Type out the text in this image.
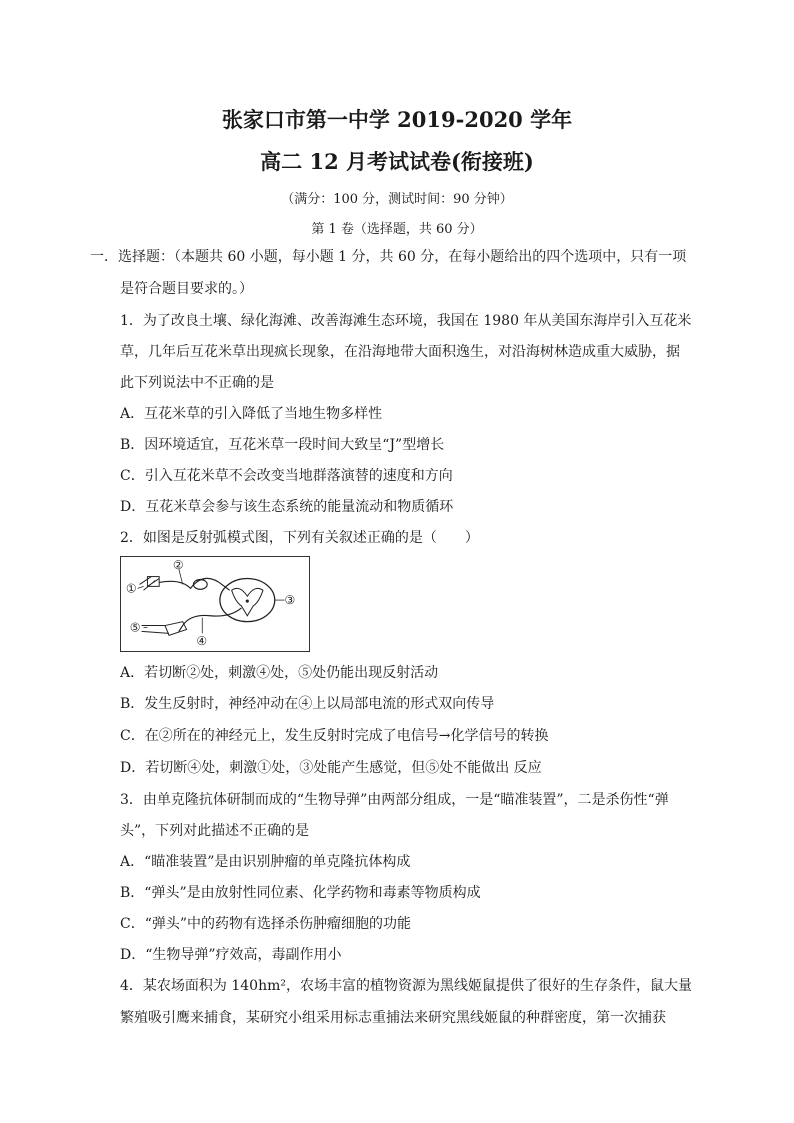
张家口市第一中学 2019-2020 学年
高二 12 月考试试卷(衔接班)
（满分：100 分，测试时间：90 分钟）
第 1 卷（选择题，共 60 分）
一．选择题：（本题共 60 小题，每小题 1 分，共 60 分，在每小题给出的四个选项中，只有一项
是符合题目要求的。）
1．为了改良土壤、绿化海滩、改善海滩生态环境，我国在 1980 年从美国东海岸引入互花米
草，几年后互花米草出现疯长现象，在沿海地带大面积逸生，对沿海树林造成重大威胁，据
此下列说法中不正确的是
A．互花米草的引入降低了当地生物多样性
B．因环境适宜，互花米草一段时间大致呈“J”型增长
C．引入互花米草不会改变当地群落演替的速度和方向
D．互花米草会参与该生态系统的能量流动和物质循环
2．如图是反射弧模式图，下列有关叙述正确的是（　　）
①
②
③
④
⑤
A．若切断②处，刺激④处，⑤处仍能出现反射活动
B．发生反射时，神经冲动在④上以局部电流的形式双向传导
C．在②所在的神经元上，发生反射时完成了电信号→化学信号的转换
D．若切断④处，刺激①处，③处能产生感觉，但⑤处不能做出 反应
3．由单克隆抗体研制而成的“生物导弹”由两部分组成，一是“瞄准装置”，二是杀伤性“弹
头”，下列对此描述不正确的是
A．“瞄准装置”是由识别肿瘤的单克隆抗体构成
B．“弹头”是由放射性同位素、化学药物和毒素等物质构成
C．“弹头”中的药物有选择杀伤肿瘤细胞的功能
D．“生物导弹”疗效高，毒副作用小
4．某农场面积为 140hm²，农场丰富的植物资源为黑线姬鼠提供了很好的生存条件，鼠大量
繁殖吸引鹰来捕食，某研究小组采用标志重捕法来研究黑线姬鼠的种群密度，第一次捕获
